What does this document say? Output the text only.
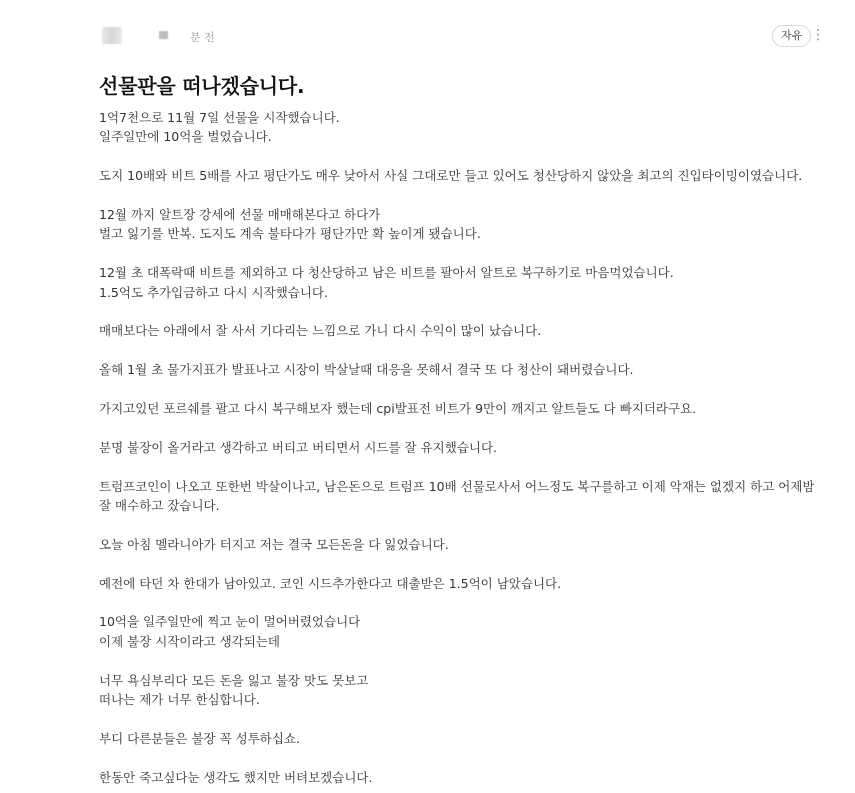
분 전	자유 ⋮
선물판을 떠나겠습니다.

1억7천으로 11월 7일 선물을 시작했습니다.

일주일만에 10억을 벌었습니다.

도지 10배와 비트 5배를 사고 평단가도 매우 낮아서 사실 그대로만 들고 있어도 청산당하지 않았을 최고의 진입타이밍이였습니다.

12월 까지 알트장 강세에 선물 매매해본다고 하다가

벌고 잃기를 반복. 도지도 계속 불타다가 평단가만 확 높이게 됐습니다.

12월 초 대폭락때 비트를 제외하고 다 청산당하고 남은 비트를 팔아서 알트로 복구하기로 마음먹었습니다.

1.5억도 추가입금하고 다시 시작했습니다.

매매보다는 아래에서 잘 사서 기다리는 느낌으로 가니 다시 수익이 많이 났습니다.

올해 1월 초 물가지표가 발표나고 시장이 박살날때 대응을 못해서 결국 또 다 청산이 돼버렸습니다.

가지고있던 포르쉐를 팔고 다시 복구해보자 했는데 cpi발표전 비트가 9만이 깨지고 알트들도 다 빠지더라구요.

분명 불장이 올거라고 생각하고 버티고 버티면서 시드를 잘 유지했습니다.

트럼프코인이 나오고 또한번 박살이나고, 남은돈으로 트럼프 10배 선물로사서 어느정도 복구를하고 이제 악재는 없겠지 하고 어제밤 잘 매수하고 잤습니다.

오늘 아침 멜라니아가 터지고 저는 결국 모든돈을 다 잃었습니다.

예전에 타던 차 한대가 남아있고. 코인 시드추가한다고 대출받은 1.5억이 남았습니다.

10억을 일주일만에 찍고 눈이 멀어버렸었습니다

이제 불장 시작이라고 생각되는데

너무 욕심부리다 모든 돈을 잃고 불장 맛도 못보고

떠나는 제가 너무 한심합니다.

부디 다른분들은 불장 꼭 성투하십쇼.

한동안 죽고싶다눈 생각도 했지만 버텨보겠습니다.
